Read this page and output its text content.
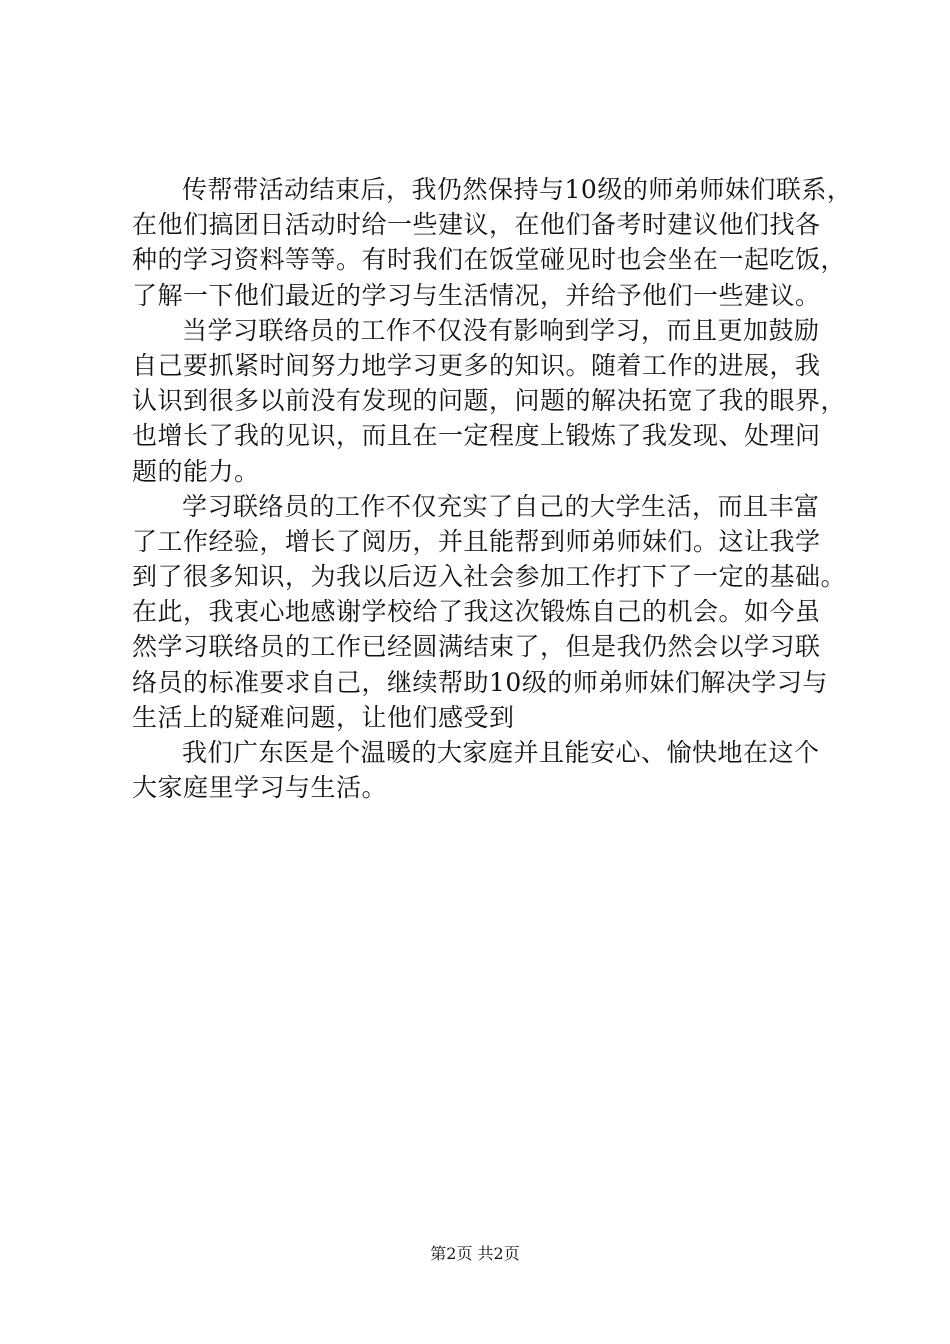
传帮带活动结束后，我仍然保持与10级的师弟师妹们联系，
在他们搞团日活动时给一些建议，在他们备考时建议他们找各
种的学习资料等等。有时我们在饭堂碰见时也会坐在一起吃饭，
了解一下他们最近的学习与生活情况，并给予他们一些建议。
当学习联络员的工作不仅没有影响到学习，而且更加鼓励
自己要抓紧时间努力地学习更多的知识。随着工作的进展，我
认识到很多以前没有发现的问题，问题的解决拓宽了我的眼界，
也增长了我的见识，而且在一定程度上锻炼了我发现、处理问
题的能力。
学习联络员的工作不仅充实了自己的大学生活，而且丰富
了工作经验，增长了阅历，并且能帮到师弟师妹们。这让我学
到了很多知识，为我以后迈入社会参加工作打下了一定的基础。
在此，我衷心地感谢学校给了我这次锻炼自己的机会。如今虽
然学习联络员的工作已经圆满结束了，但是我仍然会以学习联
络员的标准要求自己，继续帮助10级的师弟师妹们解决学习与
生活上的疑难问题，让他们感受到
我们广东医是个温暖的大家庭并且能安心、愉快地在这个
大家庭里学习与生活。
第2页 共2页
